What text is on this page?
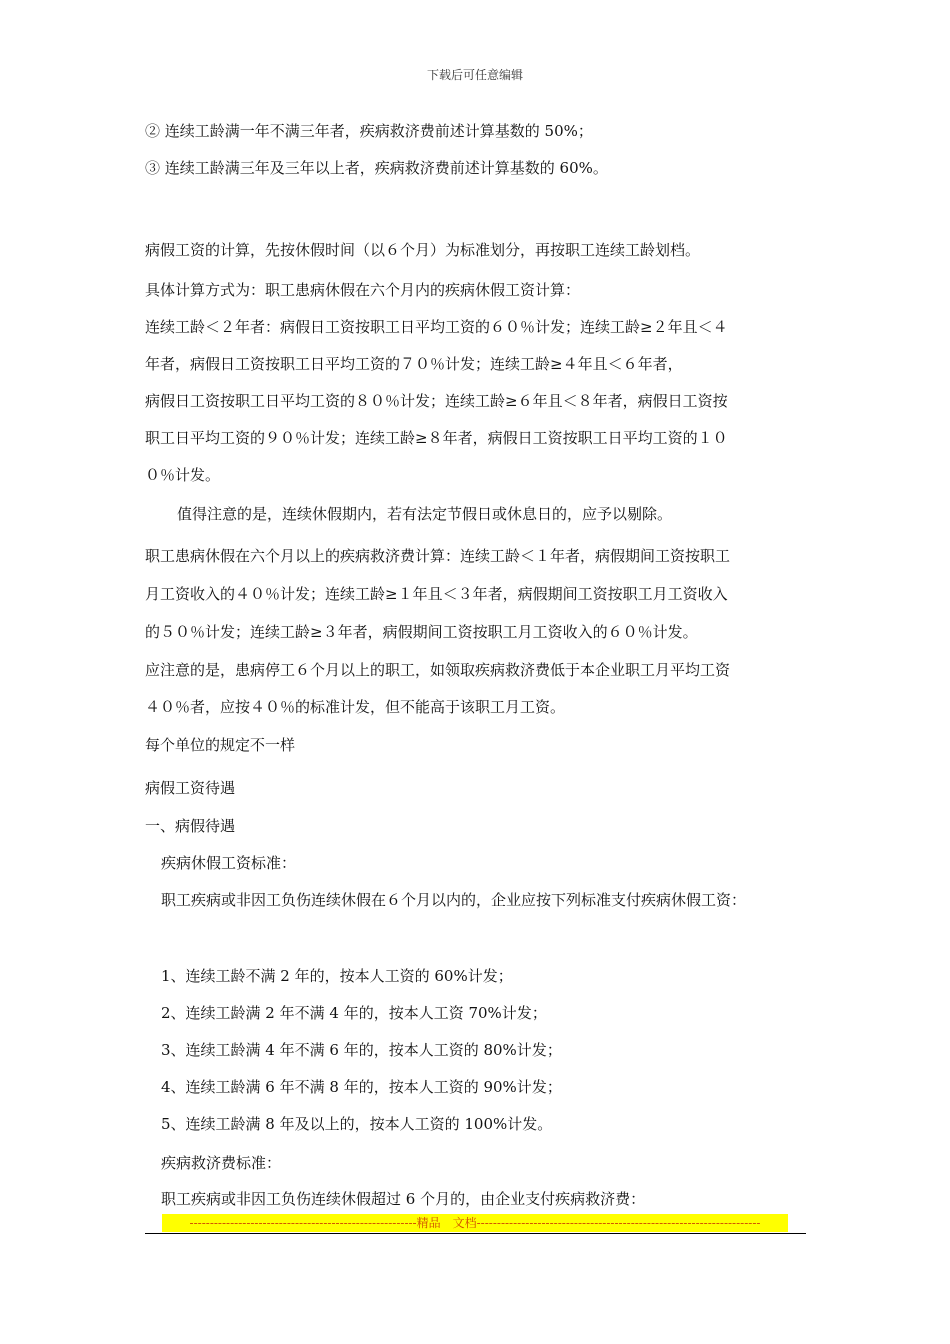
下载后可任意编辑
② 连续工龄满一年不满三年者，疾病救济费前述计算基数的 50%；
③ 连续工龄满三年及三年以上者，疾病救济费前述计算基数的 60%。
病假工资的计算，先按休假时间（以６个月）为标准划分，再按职工连续工龄划档。
具体计算方式为：职工患病休假在六个月内的疾病休假工资计算：
连续工龄＜２年者：病假日工资按职工日平均工资的６０％计发；连续工龄≥２年且＜４
年者，病假日工资按职工日平均工资的７０％计发；连续工龄≥４年且＜６年者，
病假日工资按职工日平均工资的８０％计发；连续工龄≥６年且＜８年者，病假日工资按
职工日平均工资的９０％计发；连续工龄≥８年者，病假日工资按职工日平均工资的１０
０％计发。
值得注意的是，连续休假期内，若有法定节假日或休息日的，应予以剔除。
职工患病休假在六个月以上的疾病救济费计算：连续工龄＜１年者，病假期间工资按职工
月工资收入的４０％计发；连续工龄≥１年且＜３年者，病假期间工资按职工月工资收入
的５０％计发；连续工龄≥３年者，病假期间工资按职工月工资收入的６０％计发。
应注意的是，患病停工６个月以上的职工，如领取疾病救济费低于本企业职工月平均工资
４０％者，应按４０％的标准计发，但不能高于该职工月工资。
每个单位的规定不一样
病假工资待遇
一、病假待遇
疾病休假工资标准：
职工疾病或非因工负伤连续休假在６个月以内的，企业应按下列标准支付疾病休假工资：
1、连续工龄不满 2 年的，按本人工资的 60%计发；
2、连续工龄满 2 年不满 4 年的，按本人工资 70%计发；
3、连续工龄满 4 年不满 6 年的，按本人工资的 80%计发；
4、连续工龄满 6 年不满 8 年的，按本人工资的 90%计发；
5、连续工龄满 8 年及以上的，按本人工资的 100%计发。
疾病救济费标准：
职工疾病或非因工负伤连续休假超过 6 个月的，由企业支付疾病救济费：
--------------------------------------------------------精品　文档----------------------------------------------------------------------
